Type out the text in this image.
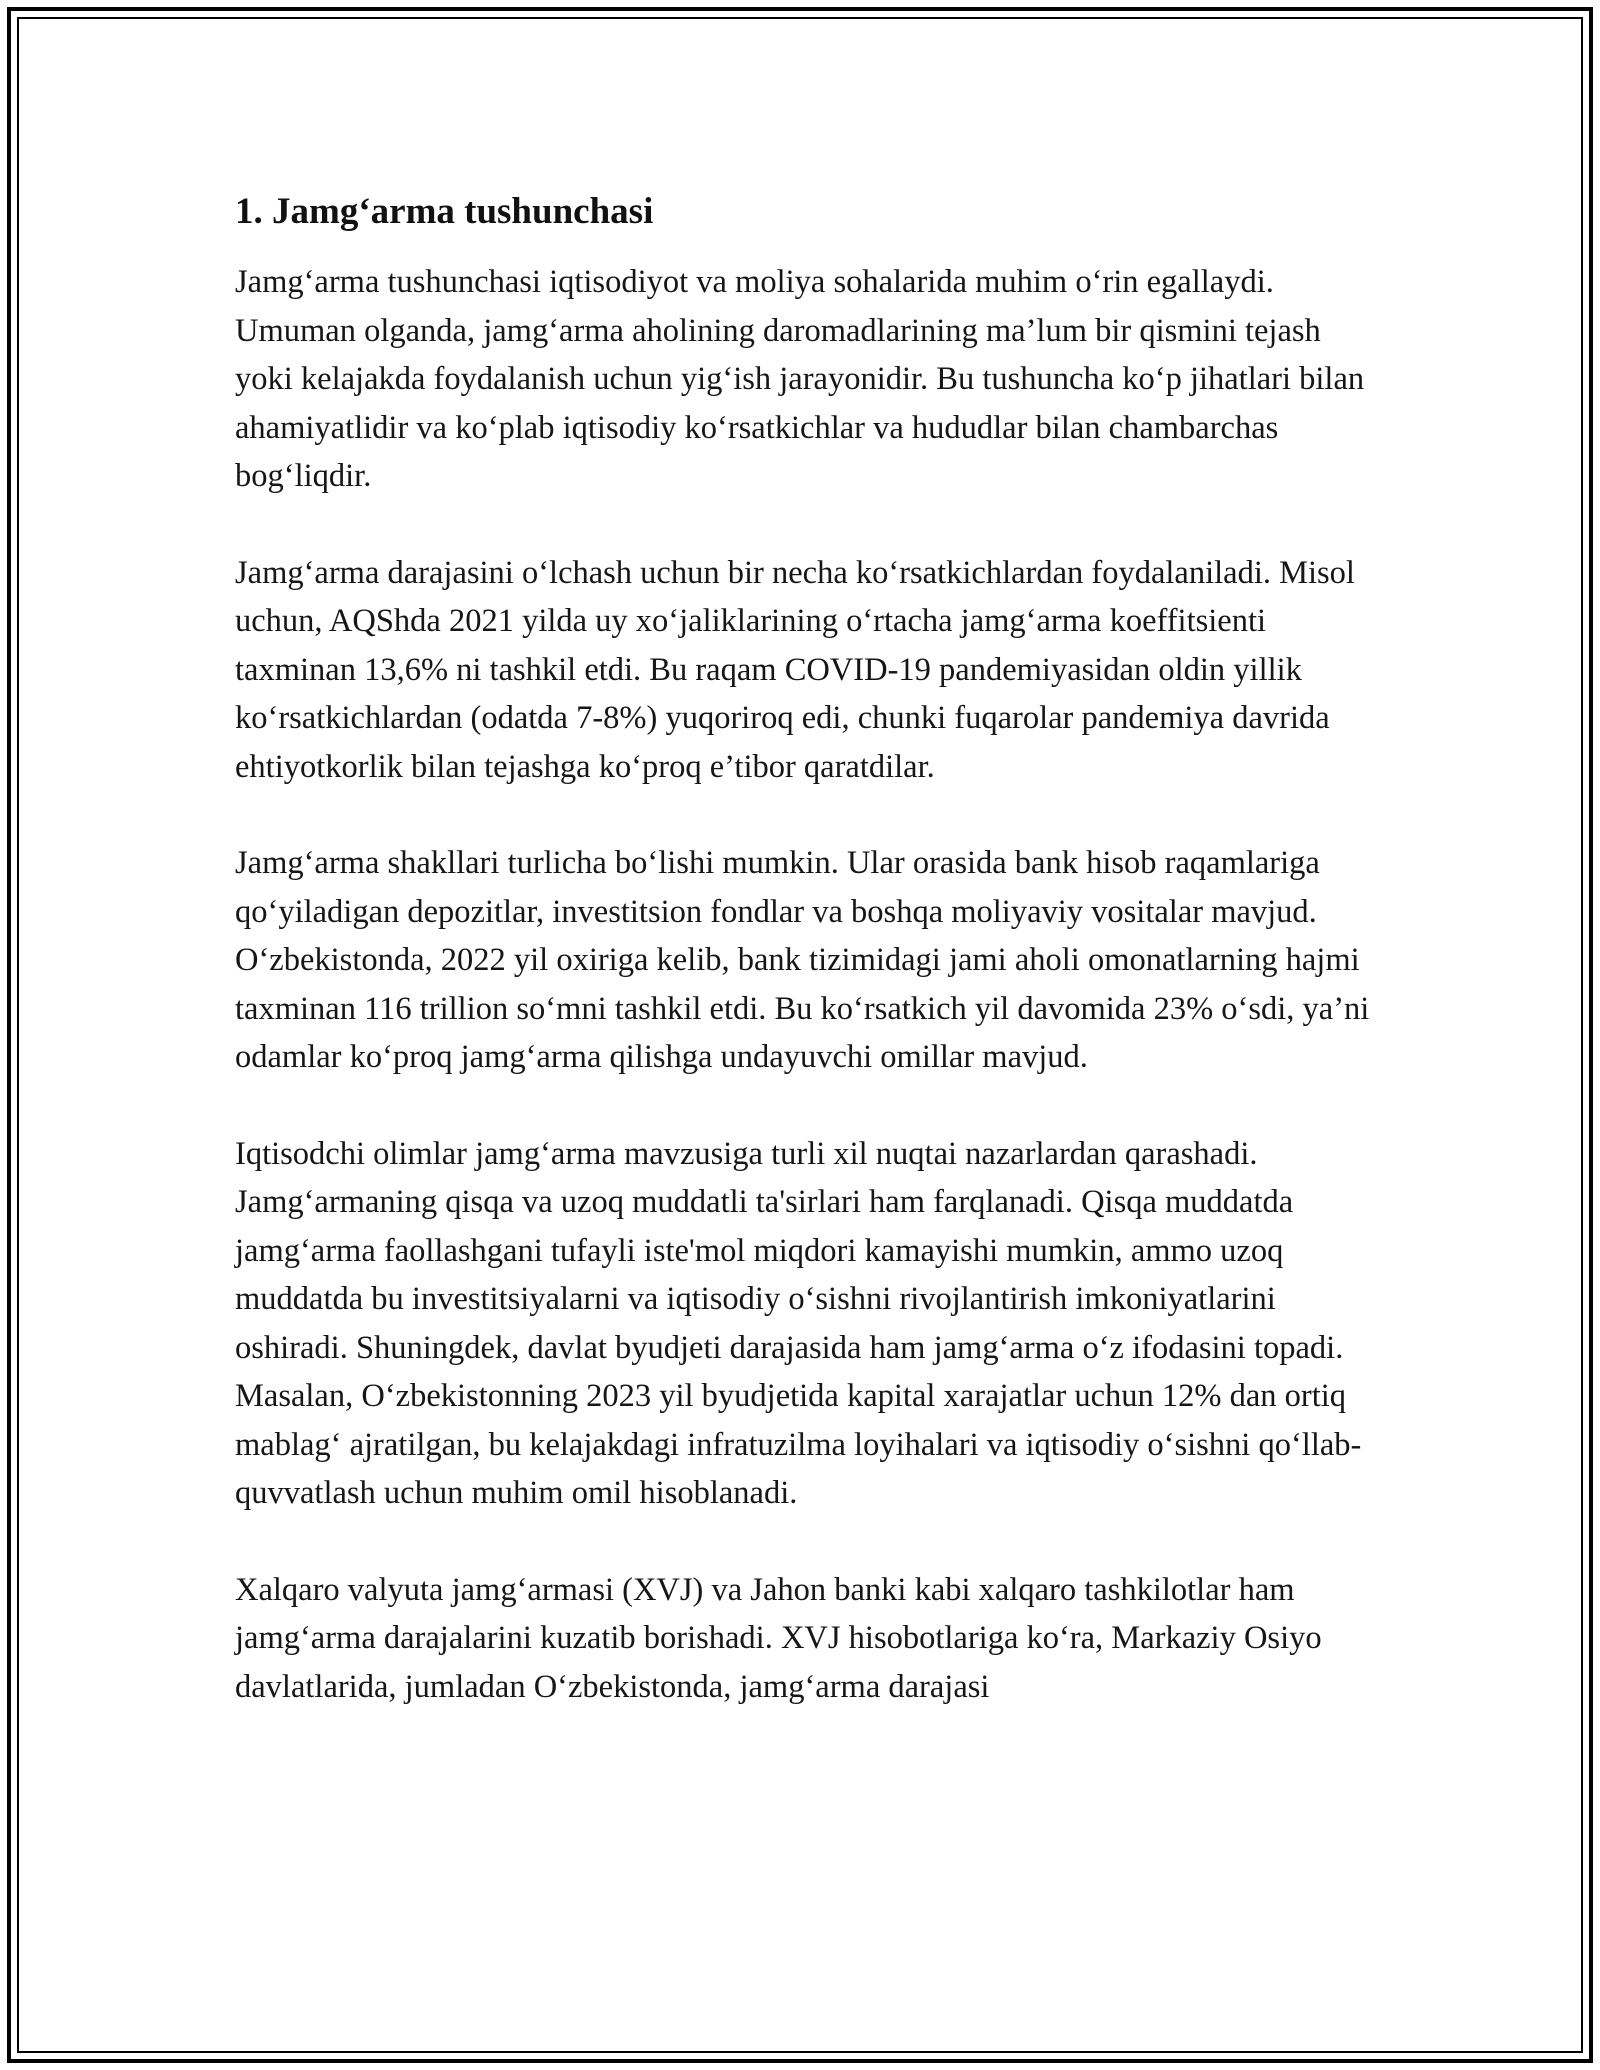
1. Jamg‘arma tushunchasi

Jamg‘arma tushunchasi iqtisodiyot va moliya sohalarida muhim o‘rin egallaydi. Umuman olganda, jamg‘arma aholining daromadlarining ma’lum bir qismini tejash yoki kelajakda foydalanish uchun yig‘ish jarayonidir. Bu tushuncha ko‘p jihatlari bilan ahamiyatlidir va ko‘plab iqtisodiy ko‘rsatkichlar va hududlar bilan chambarchas bog‘liqdir.

Jamg‘arma darajasini o‘lchash uchun bir necha ko‘rsatkichlardan foydalaniladi. Misol uchun, AQShda 2021 yilda uy xo‘jaliklarining o‘rtacha jamg‘arma koeffitsienti taxminan 13,6% ni tashkil etdi. Bu raqam COVID-19 pandemiyasidan oldin yillik ko‘rsatkichlardan (odatda 7-8%) yuqoriroq edi, chunki fuqarolar pandemiya davrida ehtiyotkorlik bilan tejashga ko‘proq e’tibor qaratdilar.

Jamg‘arma shakllari turlicha bo‘lishi mumkin. Ular orasida bank hisob raqamlariga qo‘yiladigan depozitlar, investitsion fondlar va boshqa moliyaviy vositalar mavjud. O‘zbekistonda, 2022 yil oxiriga kelib, bank tizimidagi jami aholi omonatlarning hajmi taxminan 116 trillion so‘mni tashkil etdi. Bu ko‘rsatkich yil davomida 23% o‘sdi, ya’ni odamlar ko‘proq jamg‘arma qilishga undayuvchi omillar mavjud.

Iqtisodchi olimlar jamg‘arma mavzusiga turli xil nuqtai nazarlardan qarashadi. Jamg‘armaning qisqa va uzoq muddatli ta'sirlari ham farqlanadi. Qisqa muddatda jamg‘arma faollashgani tufayli iste'mol miqdori kamayishi mumkin, ammo uzoq muddatda bu investitsiyalarni va iqtisodiy o‘sishni rivojlantirish imkoniyatlarini oshiradi. Shuningdek, davlat byudjeti darajasida ham jamg‘arma o‘z ifodasini topadi. Masalan, O‘zbekistonning 2023 yil byudjetida kapital xarajatlar uchun 12% dan ortiq mablag‘ ajratilgan, bu kelajakdagi infratuzilma loyihalari va iqtisodiy o‘sishni qo‘llab-quvvatlash uchun muhim omil hisoblanadi.

Xalqaro valyuta jamg‘armasi (XVJ) va Jahon banki kabi xalqaro tashkilotlar ham jamg‘arma darajalarini kuzatib borishadi. XVJ hisobotlariga ko‘ra, Markaziy Osiyo davlatlarida, jumladan O‘zbekistonda, jamg‘arma darajasi
